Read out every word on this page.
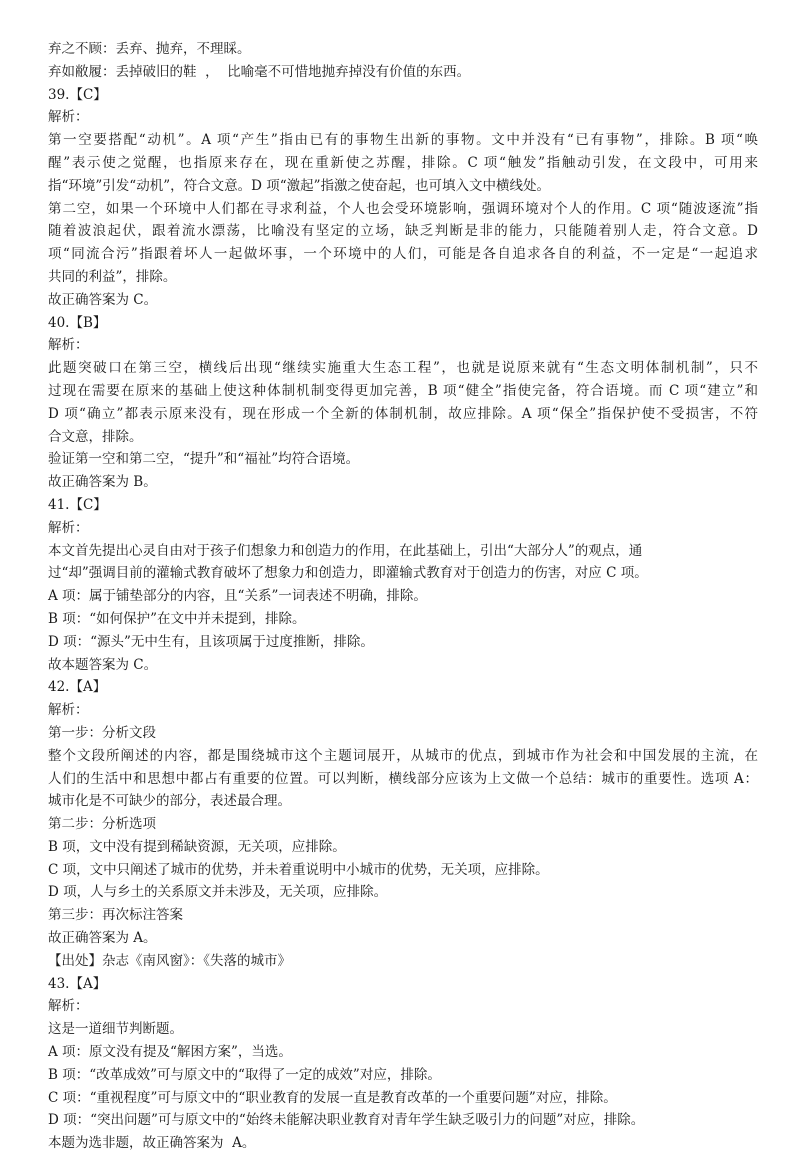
弃之不顾：丢弃、抛弃，不理睬。

弃如敝履：丢掉破旧的鞋  ，  比喻毫不可惜地抛弃掉没有价值的东西。

39.【C】

解析：

第一空要搭配“动机”。A 项“产生”指由已有的事物生出新的事物。文中并没有“已有事物”，排除。B 项“唤

醒”表示使之觉醒，也指原来存在，现在重新使之苏醒，排除。C 项“触发”指触动引发，在文段中，可用来

指“环境”引发“动机”，符合文意。D 项“激起”指激之使奋起，也可填入文中横线处。

第二空，如果一个环境中人们都在寻求利益，个人也会受环境影响，强调环境对个人的作用。C 项“随波逐流”指

随着波浪起伏，跟着流水漂荡，比喻没有坚定的立场，缺乏判断是非的能力，只能随着别人走，符合文意。D

项“同流合污”指跟着坏人一起做坏事，一个环境中的人们，可能是各自追求各自的利益，不一定是“一起追求

共同的利益”，排除。

故正确答案为 C。

40.【B】

解析：

此题突破口在第三空，横线后出现“继续实施重大生态工程”，也就是说原来就有“生态文明体制机制”，只不

过现在需要在原来的基础上使这种体制机制变得更加完善，B 项“健全”指使完备，符合语境。而 C 项“建立”和

D 项“确立”都表示原来没有，现在形成一个全新的体制机制，故应排除。A 项“保全”指保护使不受损害，不符

合文意，排除。

验证第一空和第二空，“提升”和“福祉”均符合语境。

故正确答案为 B。

41.【C】

解析：

本文首先提出心灵自由对于孩子们想象力和创造力的作用，在此基础上，引出“大部分人”的观点，通

过“却”强调目前的灌输式教育破坏了想象力和创造力，即灌输式教育对于创造力的伤害，对应 C 项。

A 项：属于铺垫部分的内容，且“关系”一词表述不明确，排除。

B 项：“如何保护”在文中并未提到，排除。

D 项：“源头”无中生有，且该项属于过度推断，排除。

故本题答案为 C。

42.【A】

解析：

第一步：分析文段

整个文段所阐述的内容，都是围绕城市这个主题词展开，从城市的优点，到城市作为社会和中国发展的主流，在

人们的生活中和思想中都占有重要的位置。可以判断，横线部分应该为上文做一个总结：城市的重要性。选项 A：

城市化是不可缺少的部分，表述最合理。

第二步：分析选项

B 项，文中没有提到稀缺资源，无关项，应排除。

C 项，文中只阐述了城市的优势，并未着重说明中小城市的优势，无关项，应排除。

D 项，人与乡土的关系原文并未涉及，无关项，应排除。

第三步：再次标注答案

故正确答案为 A。

【出处】杂志《南风窗》：《失落的城市》

43.【A】

解析：

这是一道细节判断题。

A 项：原文没有提及“解困方案”，当选。

B 项：“改革成效”可与原文中的“取得了一定的成效”对应，排除。

C 项：“重视程度”可与原文中的“职业教育的发展一直是教育改革的一个重要问题”对应，排除。

D 项：“突出问题”可与原文中的“始终未能解决职业教育对青年学生缺乏吸引力的问题”对应，排除。

本题为选非题，故正确答案为  A。
